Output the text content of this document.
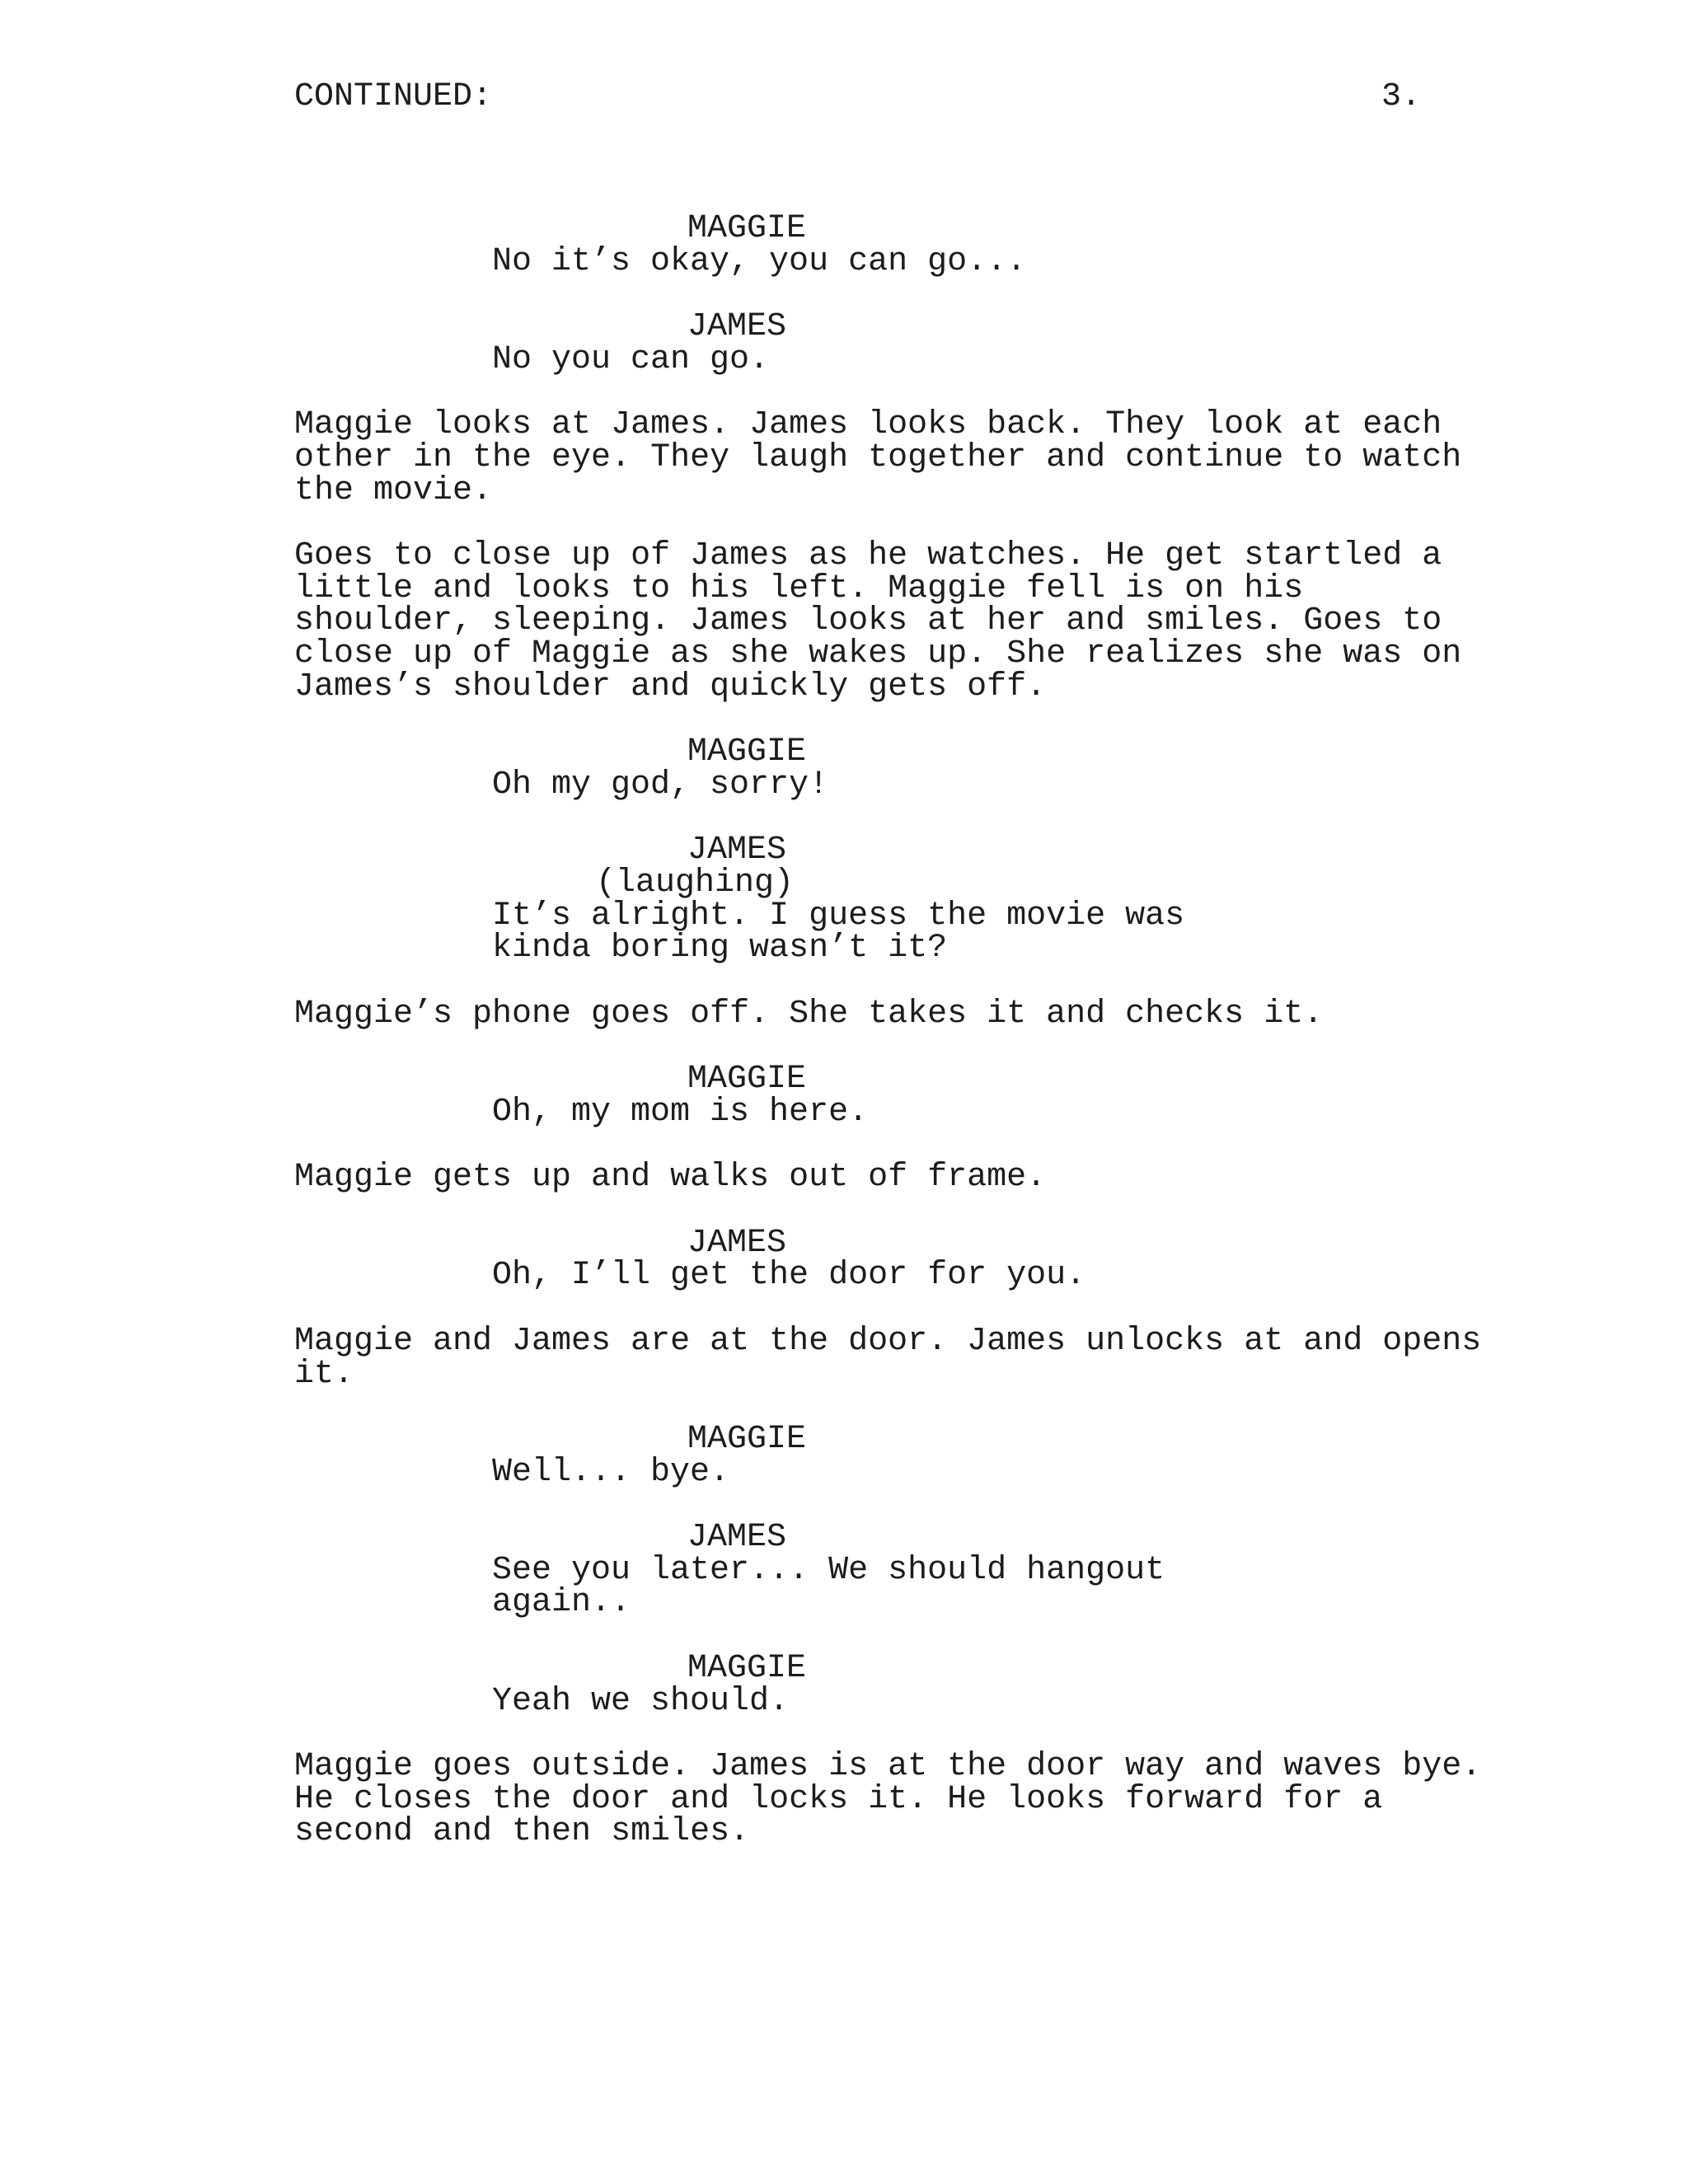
CONTINUED:	3.
MAGGIE
No it’s okay, you can go...
JAMES
No you can go.
Maggie looks at James. James looks back. They look at each
other in the eye. They laugh together and continue to watch
the movie.
Goes to close up of James as he watches. He get startled a
little and looks to his left. Maggie fell is on his
shoulder, sleeping. James looks at her and smiles. Goes to
close up of Maggie as she wakes up. She realizes she was on
James’s shoulder and quickly gets off.
MAGGIE
Oh my god, sorry!
JAMES
(laughing)
It’s alright. I guess the movie was
kinda boring wasn’t it?
Maggie’s phone goes off. She takes it and checks it.
MAGGIE
Oh, my mom is here.
Maggie gets up and walks out of frame.
JAMES
Oh, I’ll get the door for you.
Maggie and James are at the door. James unlocks at and opens
it.
MAGGIE
Well... bye.
JAMES
See you later... We should hangout
again..
MAGGIE
Yeah we should.
Maggie goes outside. James is at the door way and waves bye.
He closes the door and locks it. He looks forward for a
second and then smiles.
